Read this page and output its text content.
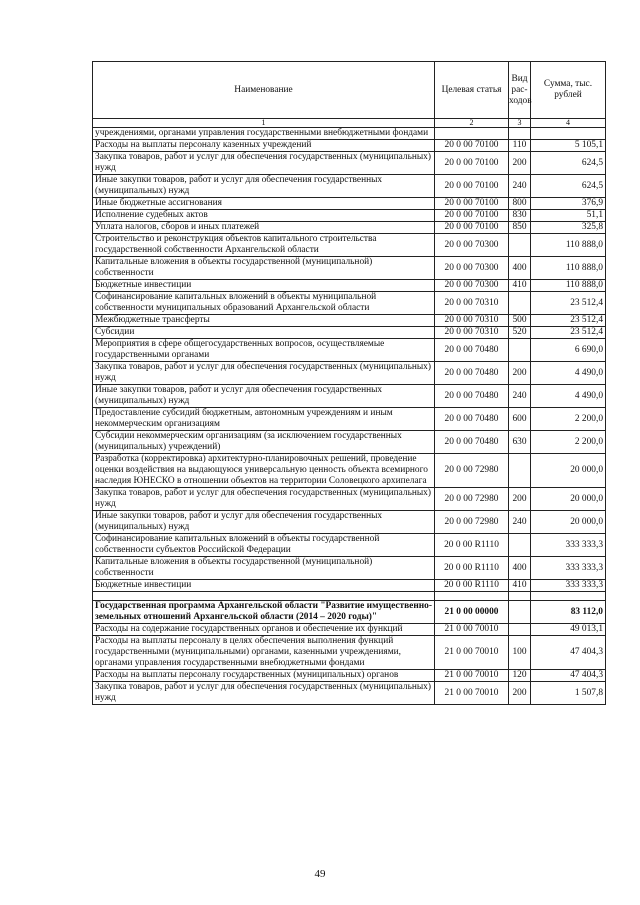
Наименование	Целевая статья	Вид рас-ходов	Сумма, тыс. рублей
1	2	3	4
учреждениями, органами управления государственными внебюджетными фондами			
Расходы на выплаты персоналу казенных учреждений	20 0 00 70100	110	5 105,1
Закупка товаров, работ и услуг для обеспечения государственных (муниципальных) нужд	20 0 00 70100	200	624,5
Иные закупки товаров, работ и услуг для обеспечения государственных (муниципальных) нужд	20 0 00 70100	240	624,5
Иные бюджетные ассигнования	20 0 00 70100	800	376,9
Исполнение судебных актов	20 0 00 70100	830	51,1
Уплата налогов, сборов и иных платежей	20 0 00 70100	850	325,8
Строительство и реконструкция объектов капитального строительства государственной собственности Архангельской области	20 0 00 70300		110 888,0
Капитальные вложения в объекты государственной (муниципальной) собственности	20 0 00 70300	400	110 888,0
Бюджетные инвестиции	20 0 00 70300	410	110 888,0
Софинансирование капитальных вложений в объекты муниципальной собственности муниципальных образований Архангельской области	20 0 00 70310		23 512,4
Межбюджетные трансферты	20 0 00 70310	500	23 512,4
Субсидии	20 0 00 70310	520	23 512,4
Мероприятия в сфере общегосударственных вопросов, осуществляемые государственными органами	20 0 00 70480		6 690,0
Закупка товаров, работ и услуг для обеспечения государственных (муниципальных) нужд	20 0 00 70480	200	4 490,0
Иные закупки товаров, работ и услуг для обеспечения государственных (муниципальных) нужд	20 0 00 70480	240	4 490,0
Предоставление субсидий бюджетным, автономным учреждениям и иным некоммерческим организациям	20 0 00 70480	600	2 200,0
Субсидии некоммерческим организациям (за исключением государственных (муниципальных) учреждений)	20 0 00 70480	630	2 200,0
Разработка (корректировка) архитектурно-планировочных решений, проведение оценки воздействия на выдающуюся универсальную ценность объекта всемирного наследия ЮНЕСКО в отношении объектов на территории Соловецкого архипелага	20 0 00 72980		20 000,0
Закупка товаров, работ и услуг для обеспечения государственных (муниципальных) нужд	20 0 00 72980	200	20 000,0
Иные закупки товаров, работ и услуг для обеспечения государственных (муниципальных) нужд	20 0 00 72980	240	20 000,0
Софинансирование капитальных вложений в объекты государственной собственности субъектов Российской Федерации	20 0 00 R1110		333 333,3
Капитальные вложения в объекты государственной (муниципальной) собственности	20 0 00 R1110	400	333 333,3
Бюджетные инвестиции	20 0 00 R1110	410	333 333,3

Государственная программа Архангельской области "Развитие имущественно-земельных отношений Архангельской области (2014 – 2020 годы)"	21 0 00 00000		83 112,0
Расходы на содержание государственных органов и обеспечение их функций	21 0 00 70010		49 013,1
Расходы на выплаты персоналу в целях обеспечения выполнения функций государственными (муниципальными) органами, казенными учреждениями, органами управления государственными внебюджетными фондами	21 0 00 70010	100	47 404,3
Расходы на выплаты персоналу государственных (муниципальных) органов	21 0 00 70010	120	47 404,3
Закупка товаров, работ и услуг для обеспечения государственных (муниципальных) нужд	21 0 00 70010	200	1 507,8
49
